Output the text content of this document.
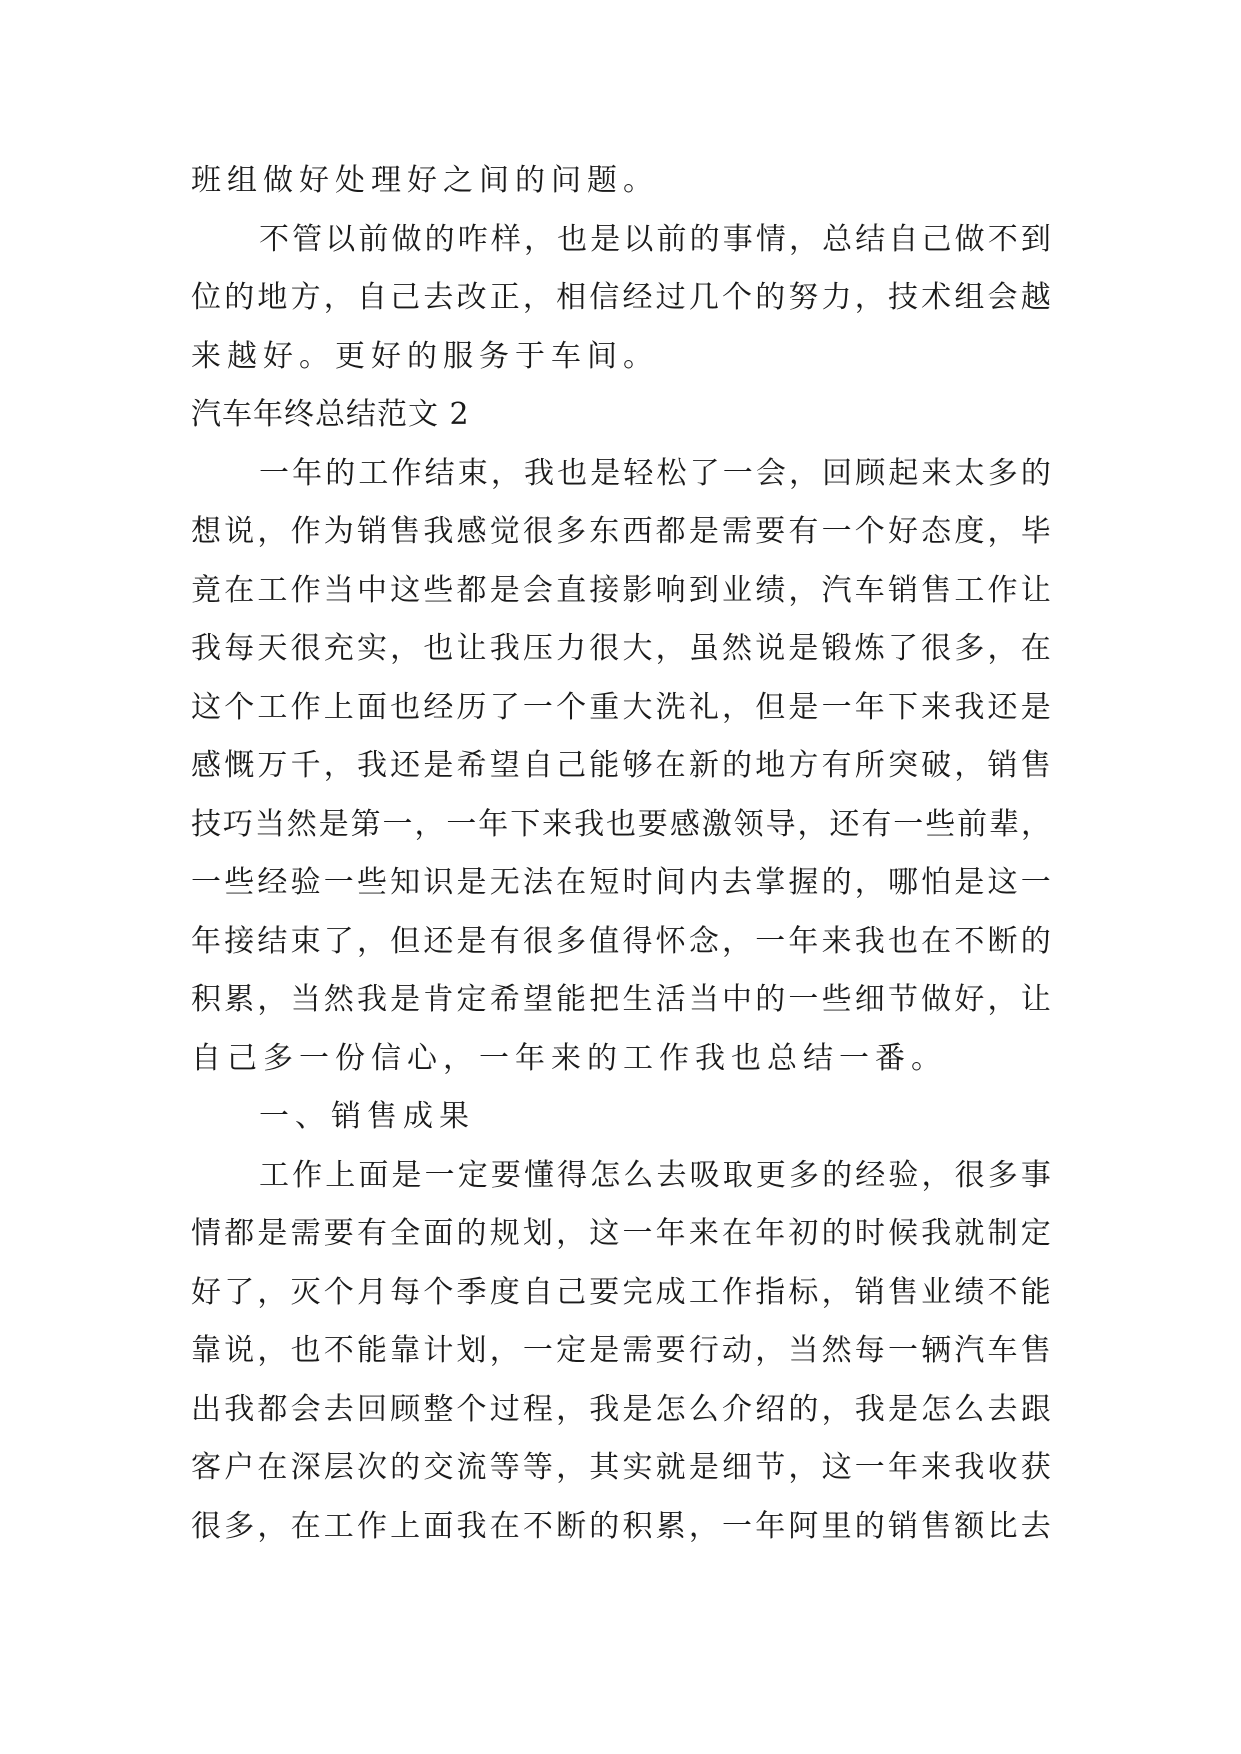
班组做好处理好之间的问题。
不 管 以 前 做 的 咋 样 ， 也 是 以 前 的 事 情 ， 总 结 自 己 做 不 到
位 的 地 方 ， 自 己 去 改 正 ， 相 信 经 过 几 个 的 努 力 ， 技 术 组 会 越
来越好。更好的服务于车间。
汽车年终总结范文 2
一 年 的 工 作 结 束 ， 我 也 是 轻 松 了 一 会 ， 回 顾 起 来 太 多 的
想 说 ， 作 为 销 售 我 感 觉 很 多 东 西 都 是 需 要 有 一 个 好 态 度 ， 毕
竟 在 工 作 当 中 这 些 都 是 会 直 接 影 响 到 业 绩 ， 汽 车 销 售 工 作 让
我 每 天 很 充 实 ， 也 让 我 压 力 很 大 ， 虽 然 说 是 锻 炼 了 很 多 ， 在
这 个 工 作 上 面 也 经 历 了 一 个 重 大 洗 礼 ， 但 是 一 年 下 来 我 还 是
感 慨 万 千 ， 我 还 是 希 望 自 己 能 够 在 新 的 地 方 有 所 突 破 ， 销 售
技 巧 当 然 是 第 一 ， 一 年 下 来 我 也 要 感 激 领 导 ， 还 有 一 些 前 辈 ，
一 些 经 验 一 些 知 识 是 无 法 在 短 时 间 内 去 掌 握 的 ， 哪 怕 是 这 一
年 接 结 束 了 ， 但 还 是 有 很 多 值 得 怀 念 ， 一 年 来 我 也 在 不 断 的
积 累 ， 当 然 我 是 肯 定 希 望 能 把 生 活 当 中 的 一 些 细 节 做 好 ， 让
自己多一份信心，一年来的工作我也总结一番。
一、销售成果
工 作 上 面 是 一 定 要 懂 得 怎 么 去 吸 取 更 多 的 经 验 ， 很 多 事
情 都 是 需 要 有 全 面 的 规 划 ， 这 一 年 来 在 年 初 的 时 候 我 就 制 定
好 了 ， 灭 个 月 每 个 季 度 自 己 要 完 成 工 作 指 标 ， 销 售 业 绩 不 能
靠 说 ， 也 不 能 靠 计 划 ， 一 定 是 需 要 行 动 ， 当 然 每 一 辆 汽 车 售
出 我 都 会 去 回 顾 整 个 过 程 ， 我 是 怎 么 介 绍 的 ， 我 是 怎 么 去 跟
客 户 在 深 层 次 的 交 流 等 等 ， 其 实 就 是 细 节 ， 这 一 年 来 我 收 获
很 多 ， 在 工 作 上 面 我 在 不 断 的 积 累 ， 一 年 阿 里 的 销 售 额 比 去
